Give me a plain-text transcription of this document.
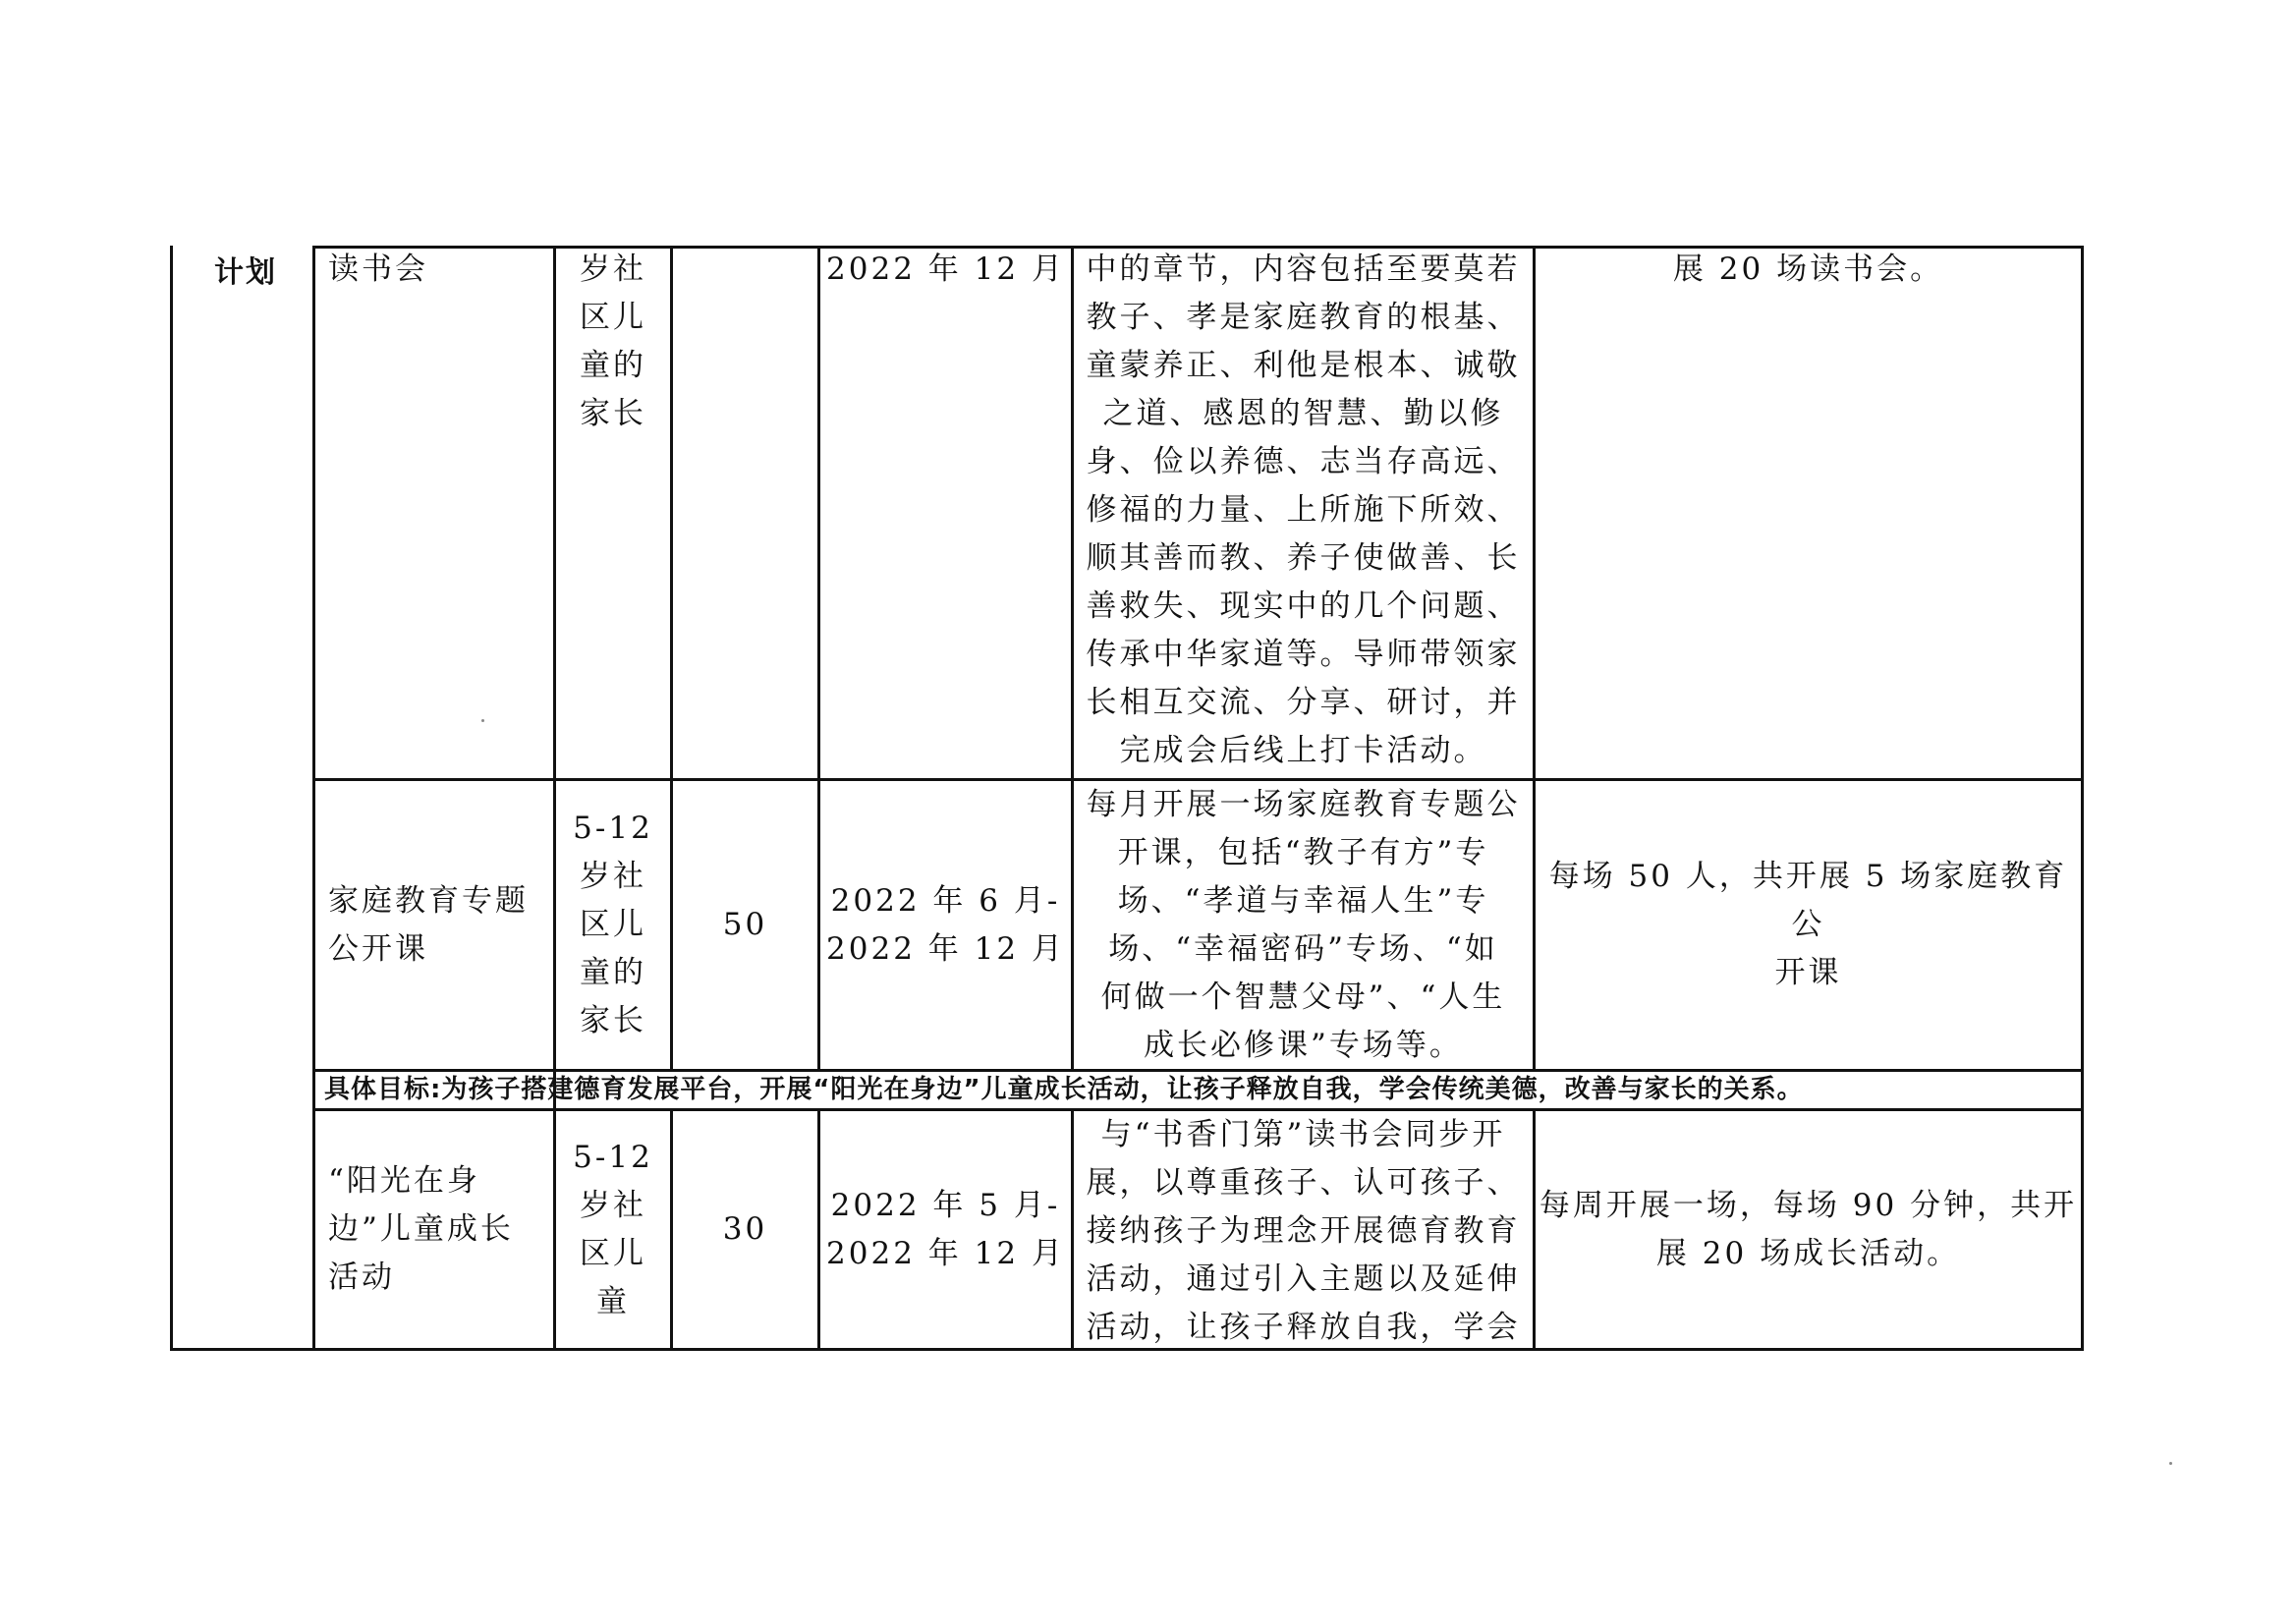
计划 读书会	岁社
区儿
童的
家长
2022 年 12 月 中的章节，内容包括至要莫若
教子、孝是家庭教育的根基、
童蒙养正、利他是根本、诚敬
之道、感恩的智慧、勤以修
身、俭以养德、志当存高远、
修福的力量、上所施下所效、
顺其善而教、养子使做善、长
善救失、现实中的几个问题、
传承中华家道等。导师带领家
长相互交流、分享、研讨，并
完成会后线上打卡活动。
展 20 场读书会。
家庭教育专题
公开课
5-12
岁社
区儿
童的
家长
50
2022 年 6 月-
2022 年 12 月
每月开展一场家庭教育专题公
开课，包括“教子有方”专
场、“孝道与幸福人生”专
场、“幸福密码”专场、“如
何做一个智慧父母”、“人生
成长必修课”专场等。
每场 50 人，共开展 5 场家庭教育公
开课
具体目标:为孩子搭建德育发展平台，开展“阳光在身边”儿童成长活动，让孩子释放自我，学会传统美德，改善与家长的关系。
“阳光在身
边”儿童成长
活动
5-12
岁社
区儿
童
30
2022 年 5 月-
2022 年 12 月
与“书香门第”读书会同步开
展，以尊重孩子、认可孩子、
接纳孩子为理念开展德育教育
活动，通过引入主题以及延伸
活动，让孩子释放自我，学会
每周开展一场，每场 90 分钟，共开
展 20 场成长活动。
